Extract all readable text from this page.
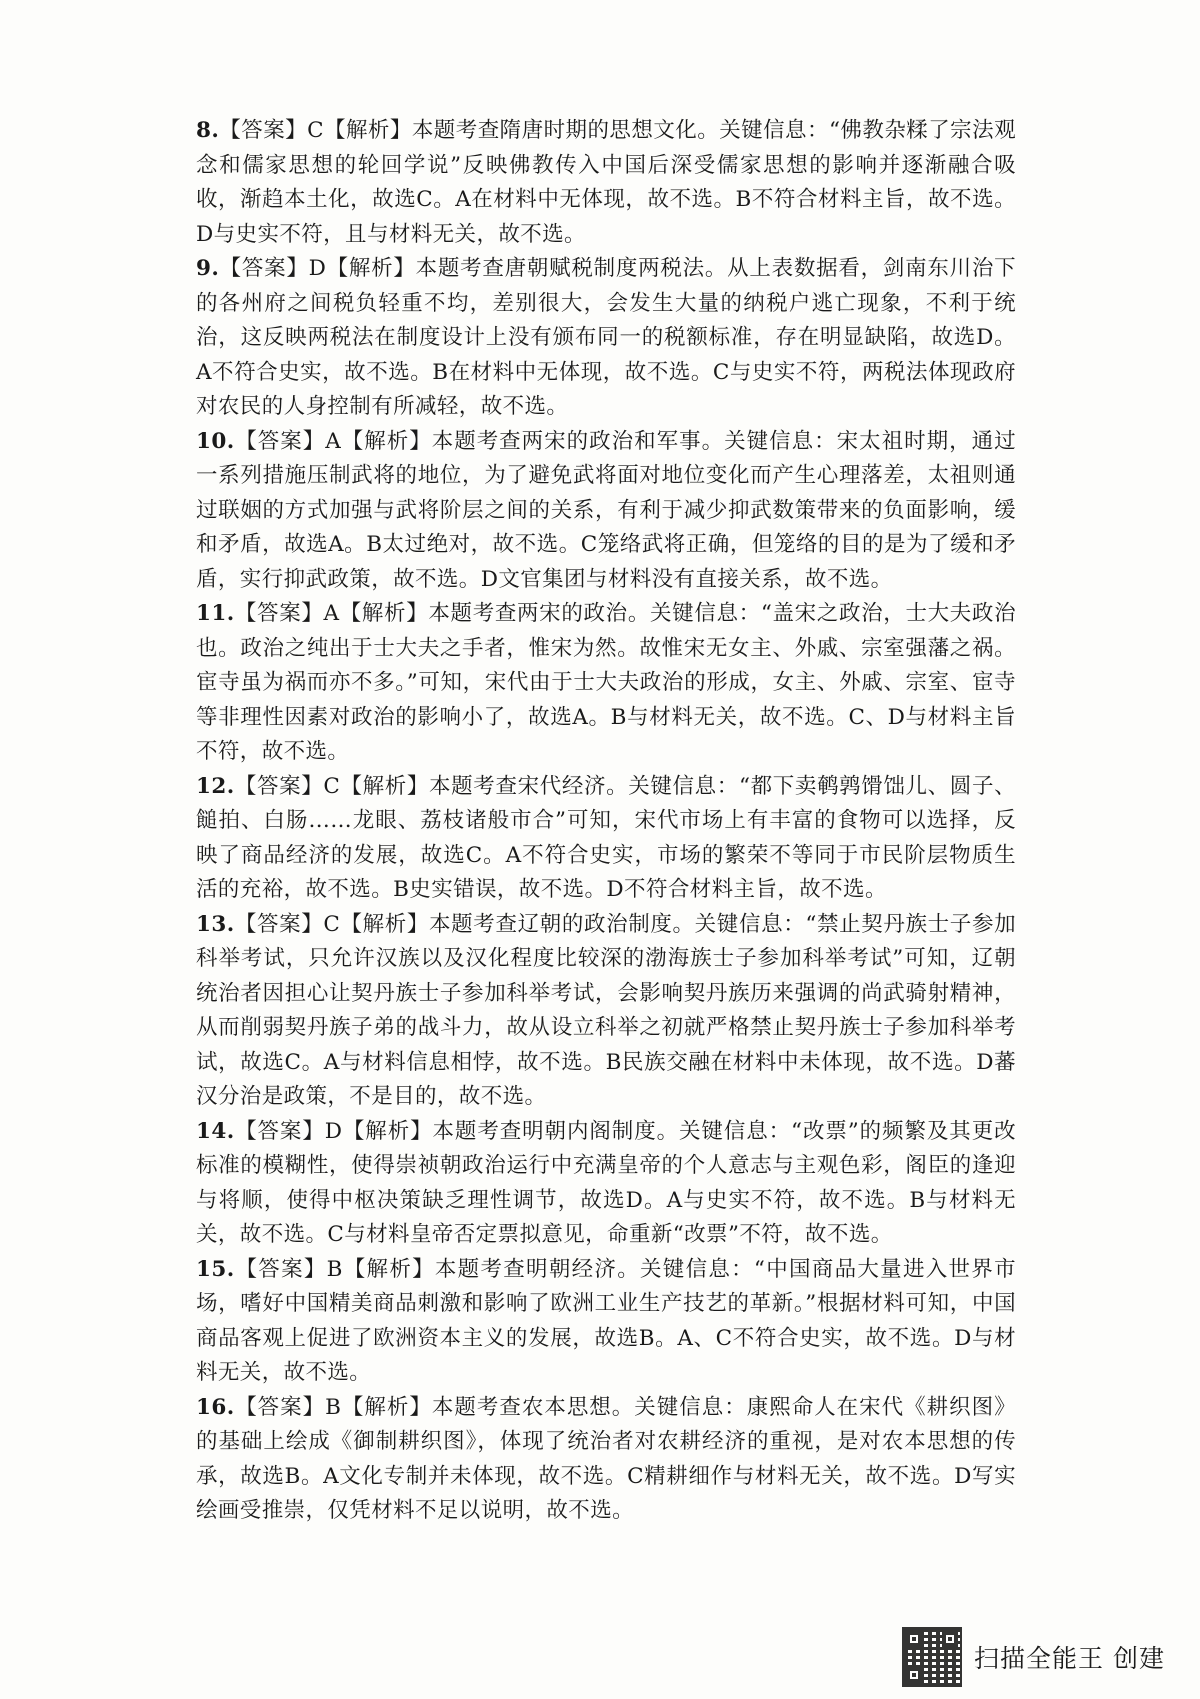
8.【答案】C【解析】本题考查隋唐时期的思想文化。关键信息：“佛教杂糅了宗法观念和儒家思想的轮回学说”反映佛教传入中国后深受儒家思想的影响并逐渐融合吸收，渐趋本土化，故选C。A在材料中无体现，故不选。B不符合材料主旨，故不选。D与史实不符，且与材料无关，故不选。

9.【答案】D【解析】本题考查唐朝赋税制度两税法。从上表数据看，剑南东川治下的各州府之间税负轻重不均，差别很大，会发生大量的纳税户逃亡现象，不利于统治，这反映两税法在制度设计上没有颁布同一的税额标准，存在明显缺陷，故选D。A不符合史实，故不选。B在材料中无体现，故不选。C与史实不符，两税法体现政府对农民的人身控制有所减轻，故不选。

10.【答案】A【解析】本题考查两宋的政治和军事。关键信息：宋太祖时期，通过一系列措施压制武将的地位，为了避免武将面对地位变化而产生心理落差，太祖则通过联姻的方式加强与武将阶层之间的关系，有利于减少抑武数策带来的负面影响，缓和矛盾，故选A。B太过绝对，故不选。C笼络武将正确，但笼络的目的是为了缓和矛盾，实行抑武政策，故不选。D文官集团与材料没有直接关系，故不选。

11.【答案】A【解析】本题考查两宋的政治。关键信息：“盖宋之政治，士大夫政治也。政治之纯出于士大夫之手者，惟宋为然。故惟宋无女主、外戚、宗室强藩之祸。宦寺虽为祸而亦不多。”可知，宋代由于士大夫政治的形成，女主、外戚、宗室、宦寺等非理性因素对政治的影响小了，故选A。B与材料无关，故不选。C、D与材料主旨不符，故不选。

12.【答案】C【解析】本题考查宋代经济。关键信息：“都下卖鹌鹑馉饳儿、圆子、䭔拍、白肠……龙眼、荔枝诸般市合”可知，宋代市场上有丰富的食物可以选择，反映了商品经济的发展，故选C。A不符合史实，市场的繁荣不等同于市民阶层物质生活的充裕，故不选。B史实错误，故不选。D不符合材料主旨，故不选。

13.【答案】C【解析】本题考查辽朝的政治制度。关键信息：“禁止契丹族士子参加科举考试，只允许汉族以及汉化程度比较深的渤海族士子参加科举考试”可知，辽朝统治者因担心让契丹族士子参加科举考试，会影响契丹族历来强调的尚武骑射精神，从而削弱契丹族子弟的战斗力，故从设立科举之初就严格禁止契丹族士子参加科举考试，故选C。A与材料信息相悖，故不选。B民族交融在材料中未体现，故不选。D蕃汉分治是政策，不是目的，故不选。

14.【答案】D【解析】本题考查明朝内阁制度。关键信息：“改票”的频繁及其更改标准的模糊性，使得崇祯朝政治运行中充满皇帝的个人意志与主观色彩，阁臣的逢迎与将顺，使得中枢决策缺乏理性调节，故选D。A与史实不符，故不选。B与材料无关，故不选。C与材料皇帝否定票拟意见，命重新“改票”不符，故不选。

15.【答案】B【解析】本题考查明朝经济。关键信息：“中国商品大量进入世界市场，嗜好中国精美商品刺激和影响了欧洲工业生产技艺的革新。”根据材料可知，中国商品客观上促进了欧洲资本主义的发展，故选B。A、C不符合史实，故不选。D与材料无关，故不选。

16.【答案】B【解析】本题考查农本思想。关键信息：康熙命人在宋代《耕织图》的基础上绘成《御制耕织图》，体现了统治者对农耕经济的重视，是对农本思想的传承，故选B。A文化专制并未体现，故不选。C精耕细作与材料无关，故不选。D写实绘画受推崇，仅凭材料不足以说明，故不选。

扫描全能王 创建
